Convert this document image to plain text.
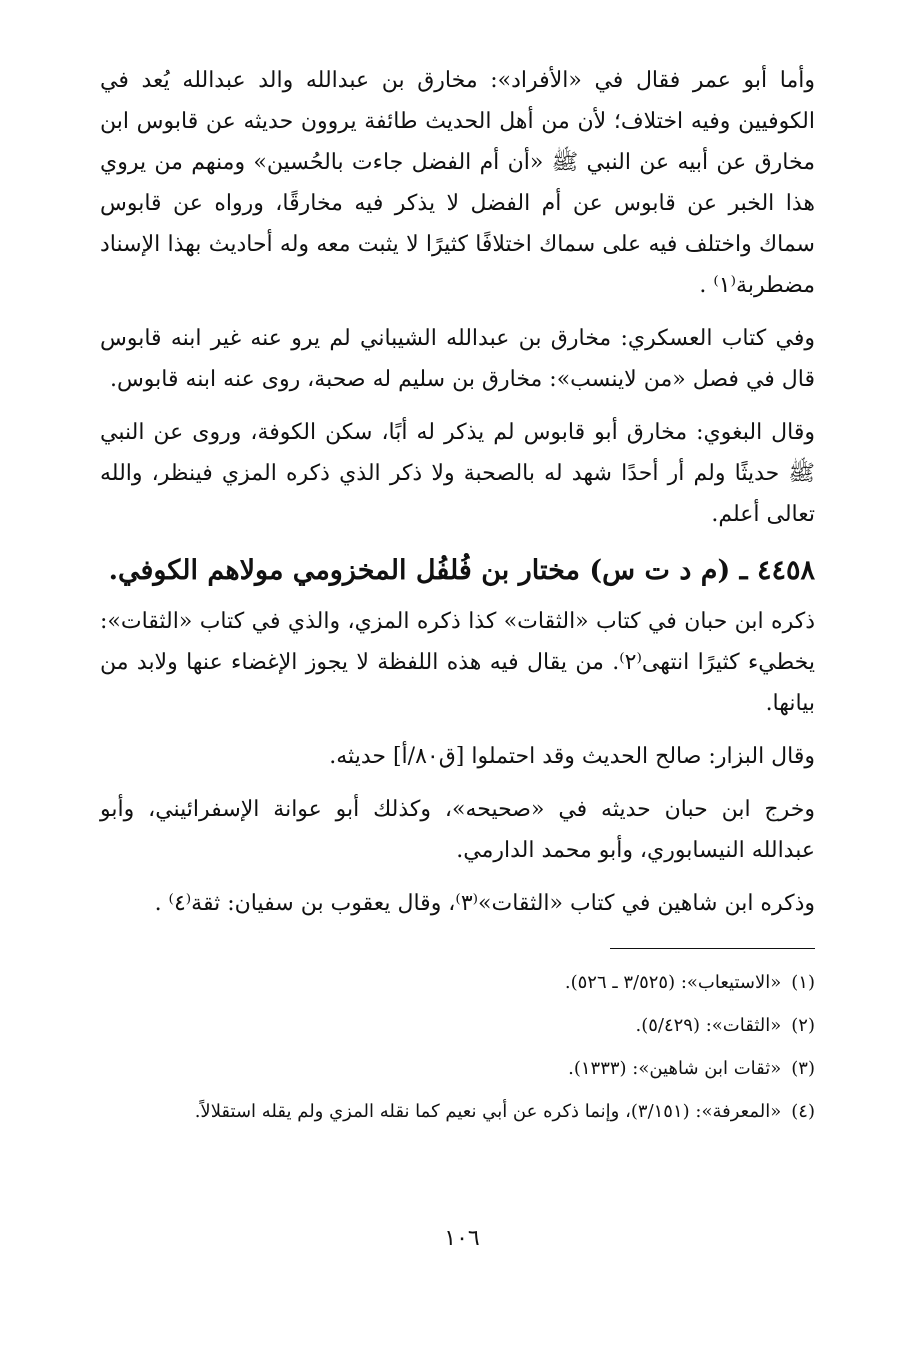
وأما أبو عمر فقال في «الأفراد»: مخارق بن عبدالله والد عبدالله يُعد في الكوفيين وفيه اختلاف؛ لأن من أهل الحديث طائفة يروون حديثه عن قابوس ابن مخارق عن أبيه عن النبي ﷺ «أن أم الفضل جاءت بالحُسين» ومنهم من يروي هذا الخبر عن قابوس عن أم الفضل لا يذكر فيه مخارقًا، ورواه عن قابوس سماك واختلف فيه على سماك اختلافًا كثيرًا لا يثبت معه وله أحاديث بهذا الإسناد مضطربة⁽١⁾ .

وفي كتاب العسكري: مخارق بن عبدالله الشيباني لم يرو عنه غير ابنه قابوس قال في فصل «من لاينسب»: مخارق بن سليم له صحبة، روى عنه ابنه قابوس.

وقال البغوي: مخارق أبو قابوس لم يذكر له أبًا، سكن الكوفة، وروى عن النبي ﷺ حديثًا ولم أر أحدًا شهد له بالصحبة ولا ذكر الذي ذكره المزي فينظر، والله تعالى أعلم.

٤٤٥٨ ـ (م د ت س) مختار بن فُلفُل المخزومي مولاهم الكوفي.

ذكره ابن حبان في كتاب «الثقات» كذا ذكره المزي، والذي في كتاب «الثقات»: يخطيء كثيرًا انتهى⁽٢⁾. من يقال فيه هذه اللفظة لا يجوز الإغضاء عنها ولابد من بيانها.

وقال البزار: صالح الحديث وقد احتملوا [ق٨٠/أ] حديثه.

وخرج ابن حبان حديثه في «صحيحه»، وكذلك أبو عوانة الإسفرائيني، وأبو عبدالله النيسابوري، وأبو محمد الدارمي.

وذكره ابن شاهين في كتاب «الثقات»⁽٣⁾، وقال يعقوب بن سفيان: ثقة⁽٤⁾ .

(١)«الاستيعاب»: (٣/٥٢٥ ـ ٥٢٦).

(٢)«الثقات»: (٥/٤٢٩).

(٣)«ثقات ابن شاهين»: (١٣٣٣).

(٤)«المعرفة»: (٣/١٥١)، وإنما ذكره عن أبي نعيم كما نقله المزي ولم يقله استقلالاً.

١٠٦
